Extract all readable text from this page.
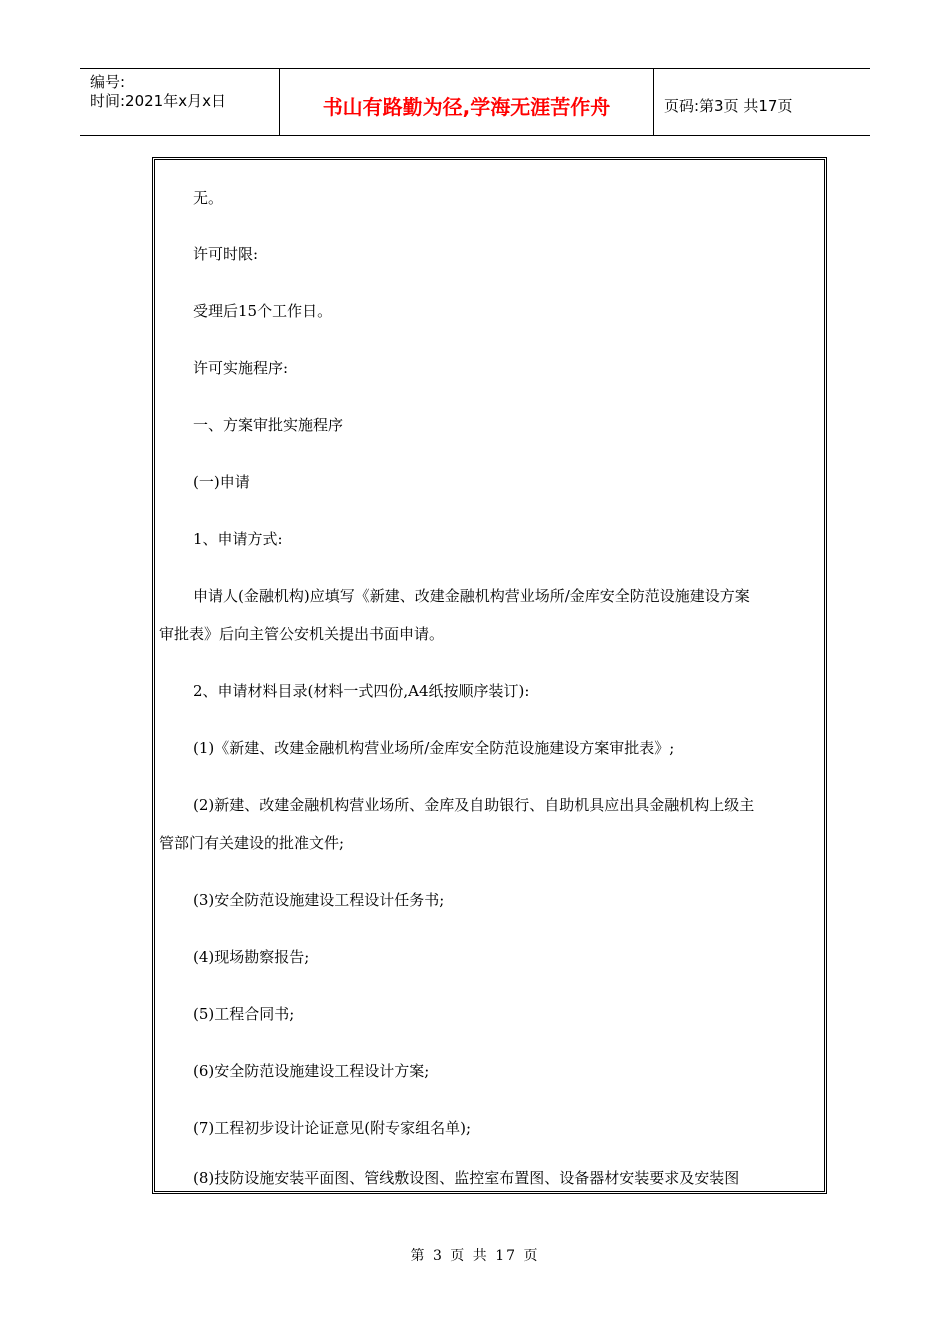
编号:
时间:2021年x月x日	书山有路勤为径,学海无涯苦作舟	页码:第3页 共17页
无。
许可时限:
受理后15个工作日。
许可实施程序:
一、方案审批实施程序
(一)申请
1、申请方式:
申请人(金融机构)应填写《新建、改建金融机构营业场所/金库安全防范设施建设方案
审批表》后向主管公安机关提出书面申请。
2、申请材料目录(材料一式四份,A4纸按顺序装订):
(1)《新建、改建金融机构营业场所/金库安全防范设施建设方案审批表》;
(2)新建、改建金融机构营业场所、金库及自助银行、自助机具应出具金融机构上级主
管部门有关建设的批准文件;
(3)安全防范设施建设工程设计任务书;
(4)现场勘察报告;
(5)工程合同书;
(6)安全防范设施建设工程设计方案;
(7)工程初步设计论证意见(附专家组名单);
(8)技防设施安装平面图、管线敷设图、监控室布置图、设备器材安装要求及安装图
第 3 页 共 17 页
